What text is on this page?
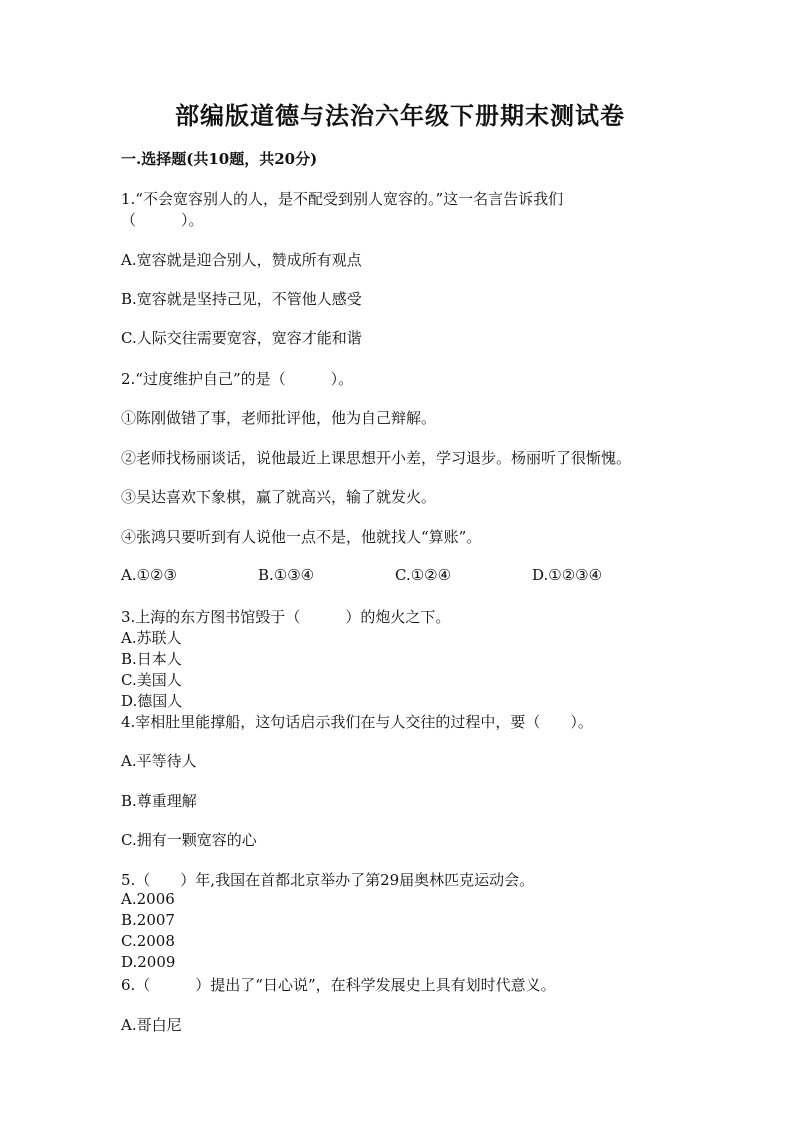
部编版道德与法治六年级下册期末测试卷
一.选择题(共10题，共20分)
1.“不会宽容别人的人，是不配受到别人宽容的。”这一名言告诉我们
（　　　）。
A.宽容就是迎合别人，赞成所有观点
B.宽容就是坚持己见，不管他人感受
C.人际交往需要宽容，宽容才能和谐
2.“过度维护自己”的是（　　　）。
①陈刚做错了事，老师批评他，他为自己辩解。
②老师找杨丽谈话，说他最近上课思想开小差，学习退步。杨丽听了很惭愧。
③吴达喜欢下象棋，赢了就高兴，输了就发火。
④张鸿只要听到有人说他一点不是，他就找人“算账”。
A.①②③	B.①③④	C.①②④	D.①②③④
3.上海的东方图书馆毁于（　　　）的炮火之下。
A.苏联人
B.日本人
C.美国人
D.德国人
4.宰相肚里能撑船，这句话启示我们在与人交往的过程中，要（　　）。
A.平等待人
B.尊重理解
C.拥有一颗宽容的心
5.（　　）年,我国在首都北京举办了第29届奥林匹克运动会。
A.2006
B.2007
C.2008
D.2009
6.（　　　）提出了“日心说”，在科学发展史上具有划时代意义。
A.哥白尼
